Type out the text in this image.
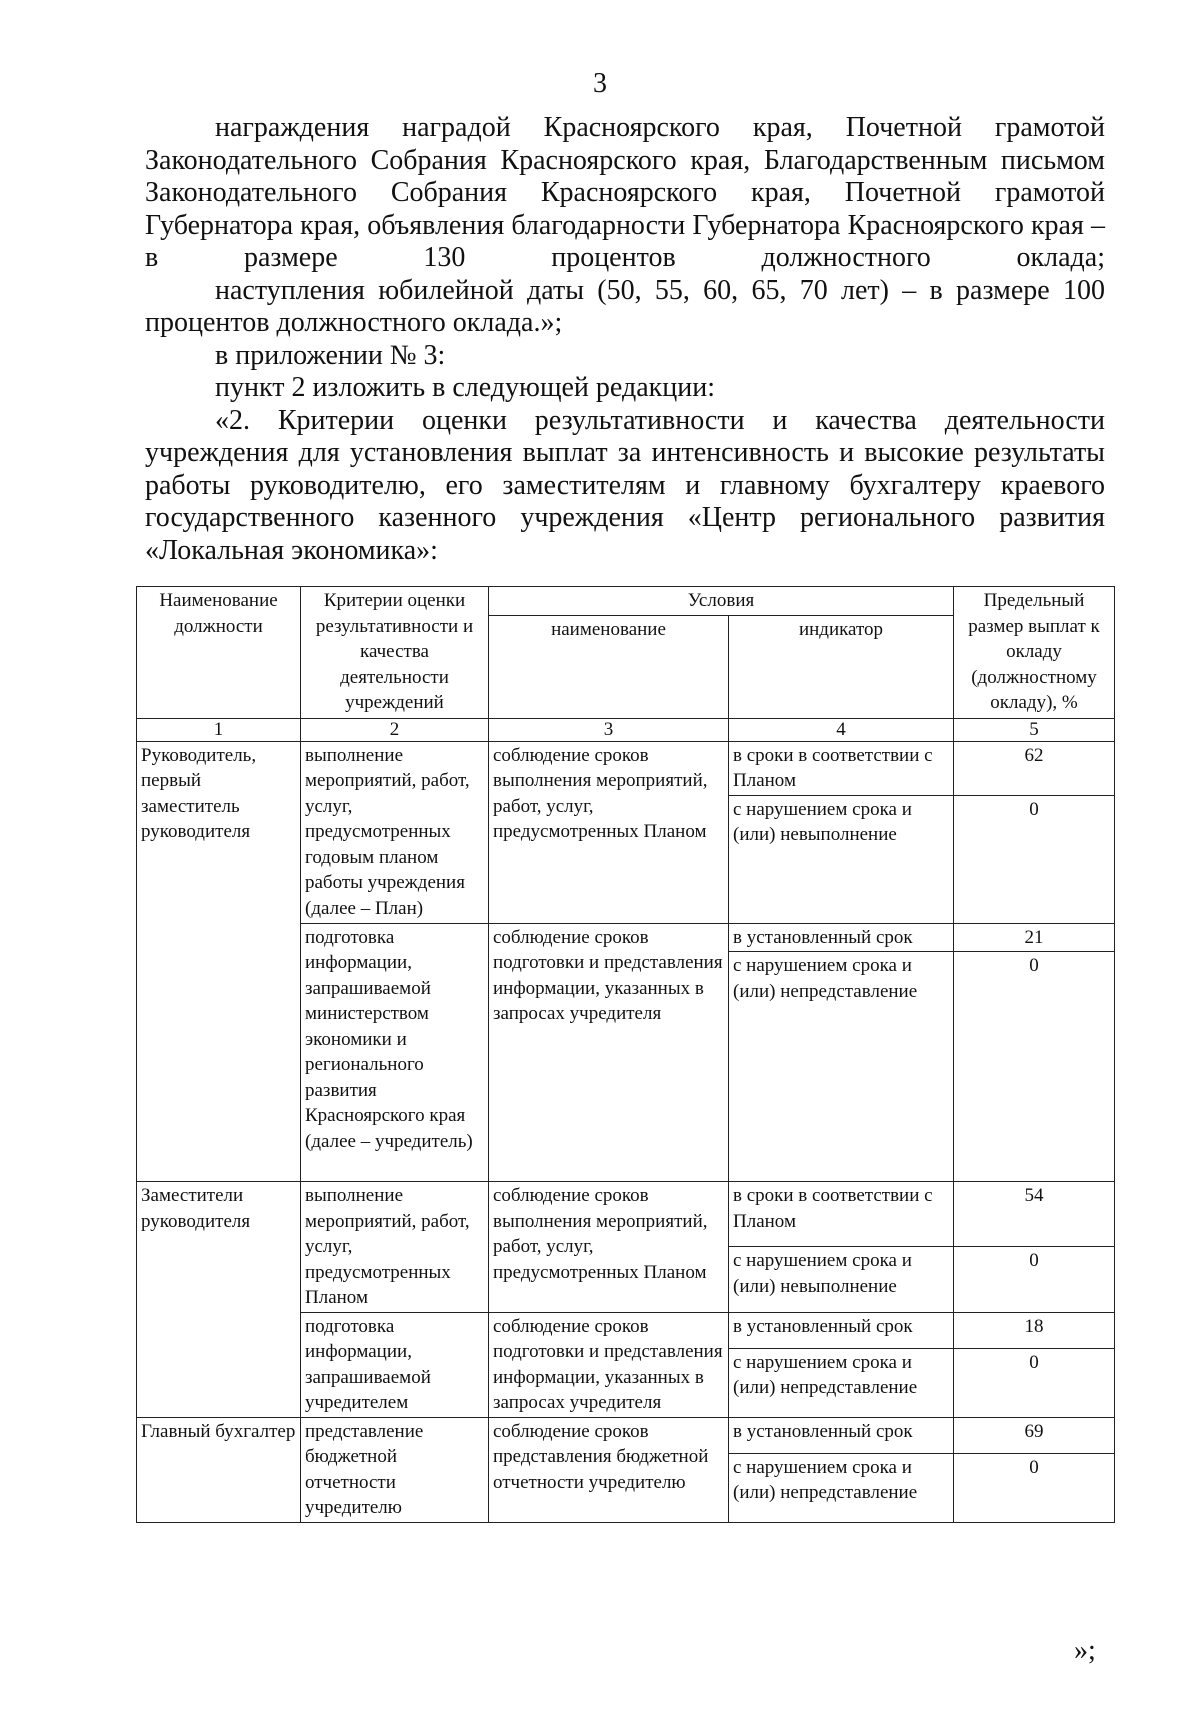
3

награждения наградой Красноярского края, Почетной грамотой Законодательного Собрания Красноярского края, Благодарственным письмом Законодательного Собрания Красноярского края, Почетной грамотой Губернатора края, объявления благодарности Губернатора Красноярского края – в размере 130 процентов должностного оклада;

наступления юбилейной даты (50, 55, 60, 65, 70 лет) – в размере 100 процентов должностного оклада.»;

в приложении № 3:

пункт 2 изложить в следующей редакции:

«2. Критерии оценки результативности и качества деятельности учреждения для установления выплат за интенсивность и высокие результаты работы руководителю, его заместителям и главному бухгалтеру краевого государственного казенного учреждения «Центр регионального развития «Локальная экономика»:

Наименование должности	Критерии оценки результативности и качества деятельности учреждений	Условия		Предельный размер выплат к окладу (должностному окладу), %
		наименование	индикатор	
1	2	3	4	5
Руководитель, первый заместитель руководителя	выполнение мероприятий, работ, услуг, предусмотренных годовым планом работы учреждения (далее – План)	соблюдение сроков выполнения мероприятий, работ, услуг, предусмотренных Планом	в сроки в соответствии с Планом	62
			с нарушением срока и (или) невыполнение	0
	подготовка информации, запрашиваемой министерством экономики и регионального развития Красноярского края (далее – учредитель)	соблюдение сроков подготовки и представления информации, указанных в запросах учредителя	в установленный срок	21
			с нарушением срока и (или) непредставление	0
Заместители руководителя	выполнение мероприятий, работ, услуг, предусмотренных Планом	соблюдение сроков выполнения мероприятий, работ, услуг, предусмотренных Планом	в сроки в соответствии с Планом	54
			с нарушением срока и (или) невыполнение	0
	подготовка информации, запрашиваемой учредителем	соблюдение сроков подготовки и представления информации, указанных в запросах учредителя	в установленный срок	18
			с нарушением срока и (или) непредставление	0
Главный бухгалтер	представление бюджетной отчетности учредителю	соблюдение сроков представления бюджетной отчетности учредителю	в установленный срок	69
			с нарушением срока и (или) непредставление	0
»;
